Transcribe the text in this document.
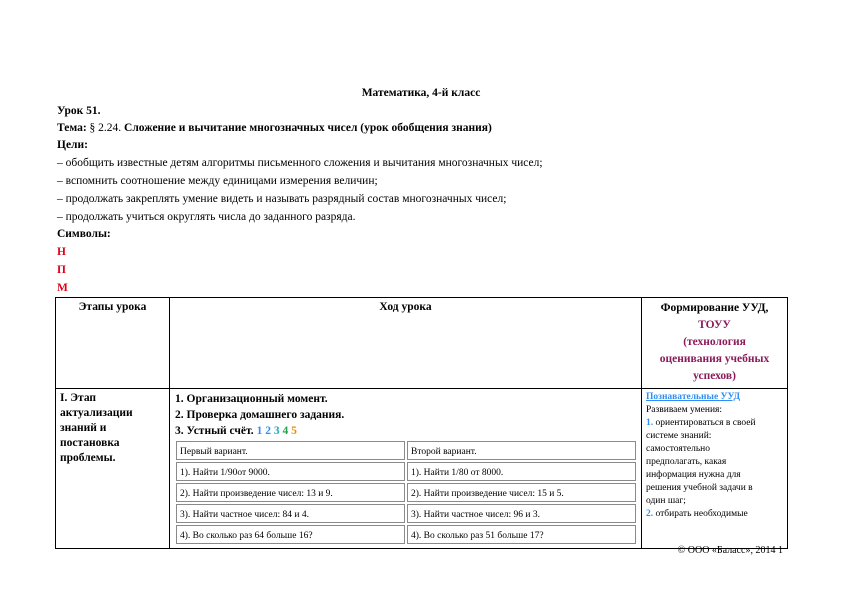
Математика, 4-й класс
Урок 51.
Тема: § 2.24. Сложение и вычитание многозначных чисел (урок обобщения знания)
Цели:
– обобщить известные детям алгоритмы письменного сложения и вычитания многозначных чисел;
– вспомнить соотношение между единицами измерения величин;
– продолжать закреплять умение видеть и называть разрядный состав многозначных чисел;
– продолжать учиться округлять числа до заданного разряда.
Символы:
Н
П
М
Этапы урока	Ход урока	Формирование УУД,
ТОУУ
(технология
оценивания учебных
успехов)

I. Этап
актуализации
знаний и
постановка
проблемы.

1. Организационный момент.
2. Проверка домашнего задания.
3. Устный счёт. 1 2 3 4 5
Первый вариант.	Второй вариант.
1). Найти 1/90от 9000.	1). Найти 1/80 от 8000.
2). Найти произведение чисел: 13 и 9.	2). Найти произведение чисел: 15 и 5.
3). Найти частное чисел: 84 и 4.	3). Найти частное чисел: 96 и 3.
4). Во сколько раз 64 больше 16?	4). Во сколько раз 51 больше 17?

Познавательные УУД
Развиваем умения:
1. ориентироваться в своей
системе знаний:
самостоятельно
предполагать, какая
информация нужна для
решения учебной задачи в
один шаг;
2. отбирать необходимые
© ООО «Баласс», 2014 1
